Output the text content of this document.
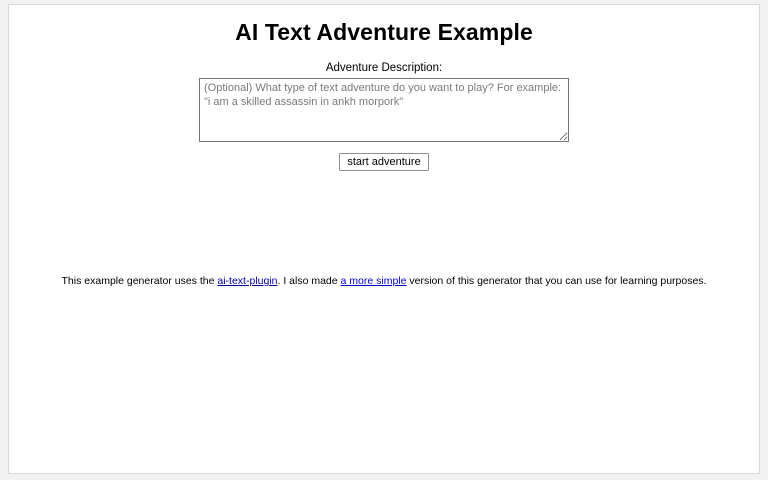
AI Text Adventure Example
Adventure Description:
(Optional) What type of text adventure do you want to play? For example: "i am a skilled assassin in ankh morpork"
start adventure
This example generator uses the ai-text-plugin. I also made a more simple version of this generator that you can use for learning purposes.
